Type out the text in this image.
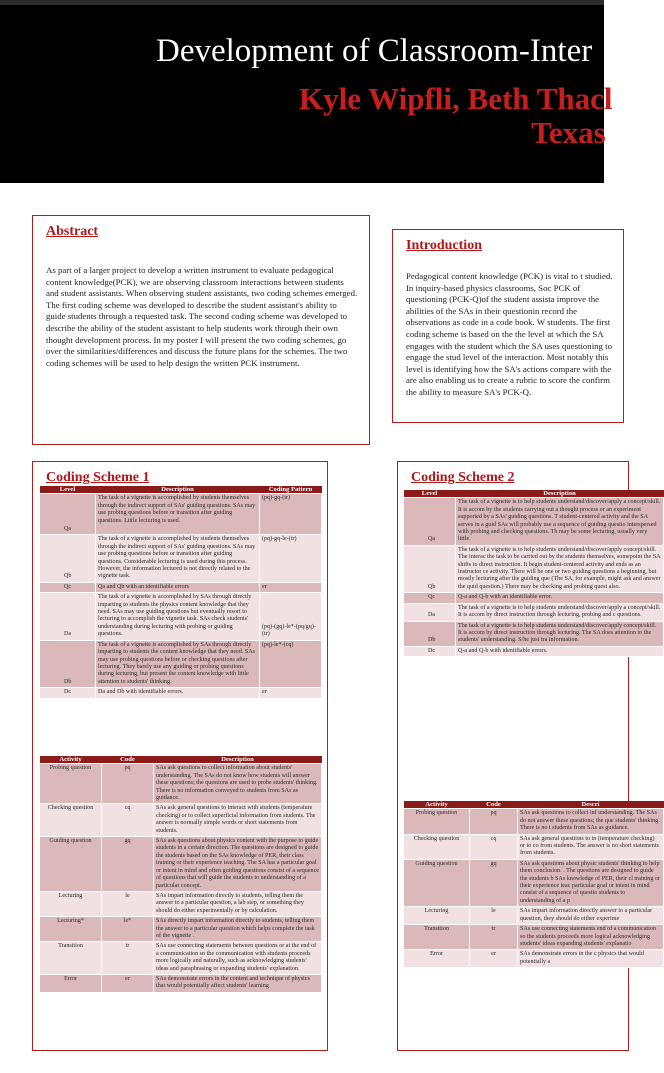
Development of Classroom-Inter
Kyle Wipfli, Beth Thacl
Texas
Abstract
As part of a larger project to develop a written instrument to evaluate pedagogical content knowledge(PCK), we are observing classroom interactions between students and student assistants. When observing student assistants, two coding schemes emerged. The first coding scheme was developed to describe the student assistant's ability to guide students through a requested task. The second coding scheme was developed to describe the ability of the student assistant to help students work through their own thought development process. In my poster I will present the two coding schemes, go over the similarities/differences and discuss the future plans for the schemes. The two coding schemes will be used to help design the written PCK instrument.
Introduction
Pedagogical content knowledge (PCK) is vital to t studied. In inquiry-based physics classrooms, Soc PCK of questioning (PCK-Q)of the student assista improve the abilities of the SAs in their questionin record the observations as code in a code book. W students. The first coding scheme is based on the the level at which the SA engages with the student which the SA uses questioning to engage the stud level of the interaction. Most notably this level is identifying how the SA's actions compare with the are also enabling us to create a rubric to score the confirm the ability to measure SA's PCK-Q.
Coding Scheme 1
Level	Description	Coding Pattern
Qa	The task of a vignette is accomplished by students themselves through the indirect support of SAs' guiding questions. SAs may use probing questions before or transition after guiding questions. Little lecturing is used.	(pq)-gq-(tr)
Qb	The task of a vignette is accomplished by students themselves through the indirect support of SAs' guiding questions. SAs may use probing questions before or transition after guiding questions. Considerable lecturing is used during this process. However, the information lectured is not directly related to the vignette task.	(pq)-gq-le-(tr)
Qc	Qa and Qb with an identifiable errors	er
Da	The task of a vignette is accomplished by SAs through directly imparting to students the physics content knowledge that they need. SAs may use guiding questions but eventually resort to lecturing to accomplish the vignette task. SAs check students' understanding during lecturing with probing or guiding questions.	(pq)-(gq)-le*-(pq/gq)-(tr)
Db	The task of a vignette is accomplished by SAs through directly imparting to students the content knowledge that they need. SAs may use probing questions before or checking questions after lecturing. They barely use any guiding or probing questions during lecturing, but present the content knowledge with little attention to students' thinking.	(pq)-le*-(cq)
Dc	Da and Db with identifiable errors.	er
Activity	Code	Description
Probing question	pq	SAs ask questions to collect information about students' understanding. The SAs do not know how students will answer these questions; the questions are used to probe students' thinking. There is no information conveyed to students from SAs as guidance.
Checking question	cq	SAs ask general questions to interact with students (temperature checking) or to collect superficial information from students. The answer is normally simple words or short statements from students.
Guiding question	gq	SAs ask questions about physics content with the purpose to guide students in a certain direction. The questions are designed to guide the students based on the SAs knowledge of PER, their class training or their experience teaching. The SA has a particular goal or intent in mind and often guiding questions consist of a sequence of questions that will guide the students to understanding of a particular concept.
Lecturing	le	SAs impart information directly to students, telling them the answer to a particular question, a lab step, or something they should do either experimentally or by calculation.
Lecturing*	le*	SAs directly impart information directly to students, telling them the answer to a particular question which helps complete the task of the vignette .
Transition	tr	SAs use connecting statements between questions or at the end of a communication so the communication with students proceeds more logically and naturally, such as acknowledging students' ideas and paraphrasing or expanding students' explanation.
Error	er	SAs demonstrate errors in the content and technique of physics that would potentially affect students' learning
Coding Scheme 2
Level	Description
Qa	The task of a vignette is to help students understand/discover/apply a concept/skill. It is accom by the students carrying out a thought process or an experiment supported by a SAs' guiding questions. T student-centered activity and the SA serves in a guid SAs will probably use a sequence of guiding questio interspersed with probing and checking questions. Th may be some lecturing, usually very little.
Qb	The task of a vignette is to help students understand/discover/apply concept/skill. The interac the task to be carried out by the students themselves, somepoint the SA shifts to direct instruction. It begin student-centered activity and ends as an instructor ce activity. There will be one or two guiding questions a beginning, but mostly lecturing after the guiding que (The SA, for example, might ask and answer the quid question.) There may be checking and probing quest also.
Qc	Q-a and Q-b with an identifiable error.
Da	The task of a vignette is to help students understand/discover/apply a concept/skill. It is accom by direct instruction through lecturing, probing and c questions.
Db	The task of a vignette is to help students understand/discover/apply concept/skill. It is accom by direct instruction through lecturing. The SA does attention to the students' understanding. S/he just tra information.
Dc	Q-a and Q-b with identifiable errors.
Activity	Code	Descri
Probing question	pq	SAs ask questions to collect inf understanding. The SAs do not answer these questions; the que students' thinking. There is no i students from SAs as guidance.
Checking question	cq	SAs ask general questions to in (temperature checking) or to co from students. The answer is no short statements from students.
Guiding question	gq	SAs ask questions about physic students' thinking to help them conclusion. . The questions are designed to guide the students b SAs knowledge of PER, their cl training or their experience teac particular goal or intent in mind consist of a sequence of questio students to understanding of a p
Lecturing	le	SAs impart information directly answer to a particular question, they should do either experime
Transition	tr	SAs use connecting statements end of a communication so the students proceeds more logical acknowledging students' ideas expanding students' explanatio
Error	er	SAs demonstrate errors in the c physics that would potentially a
